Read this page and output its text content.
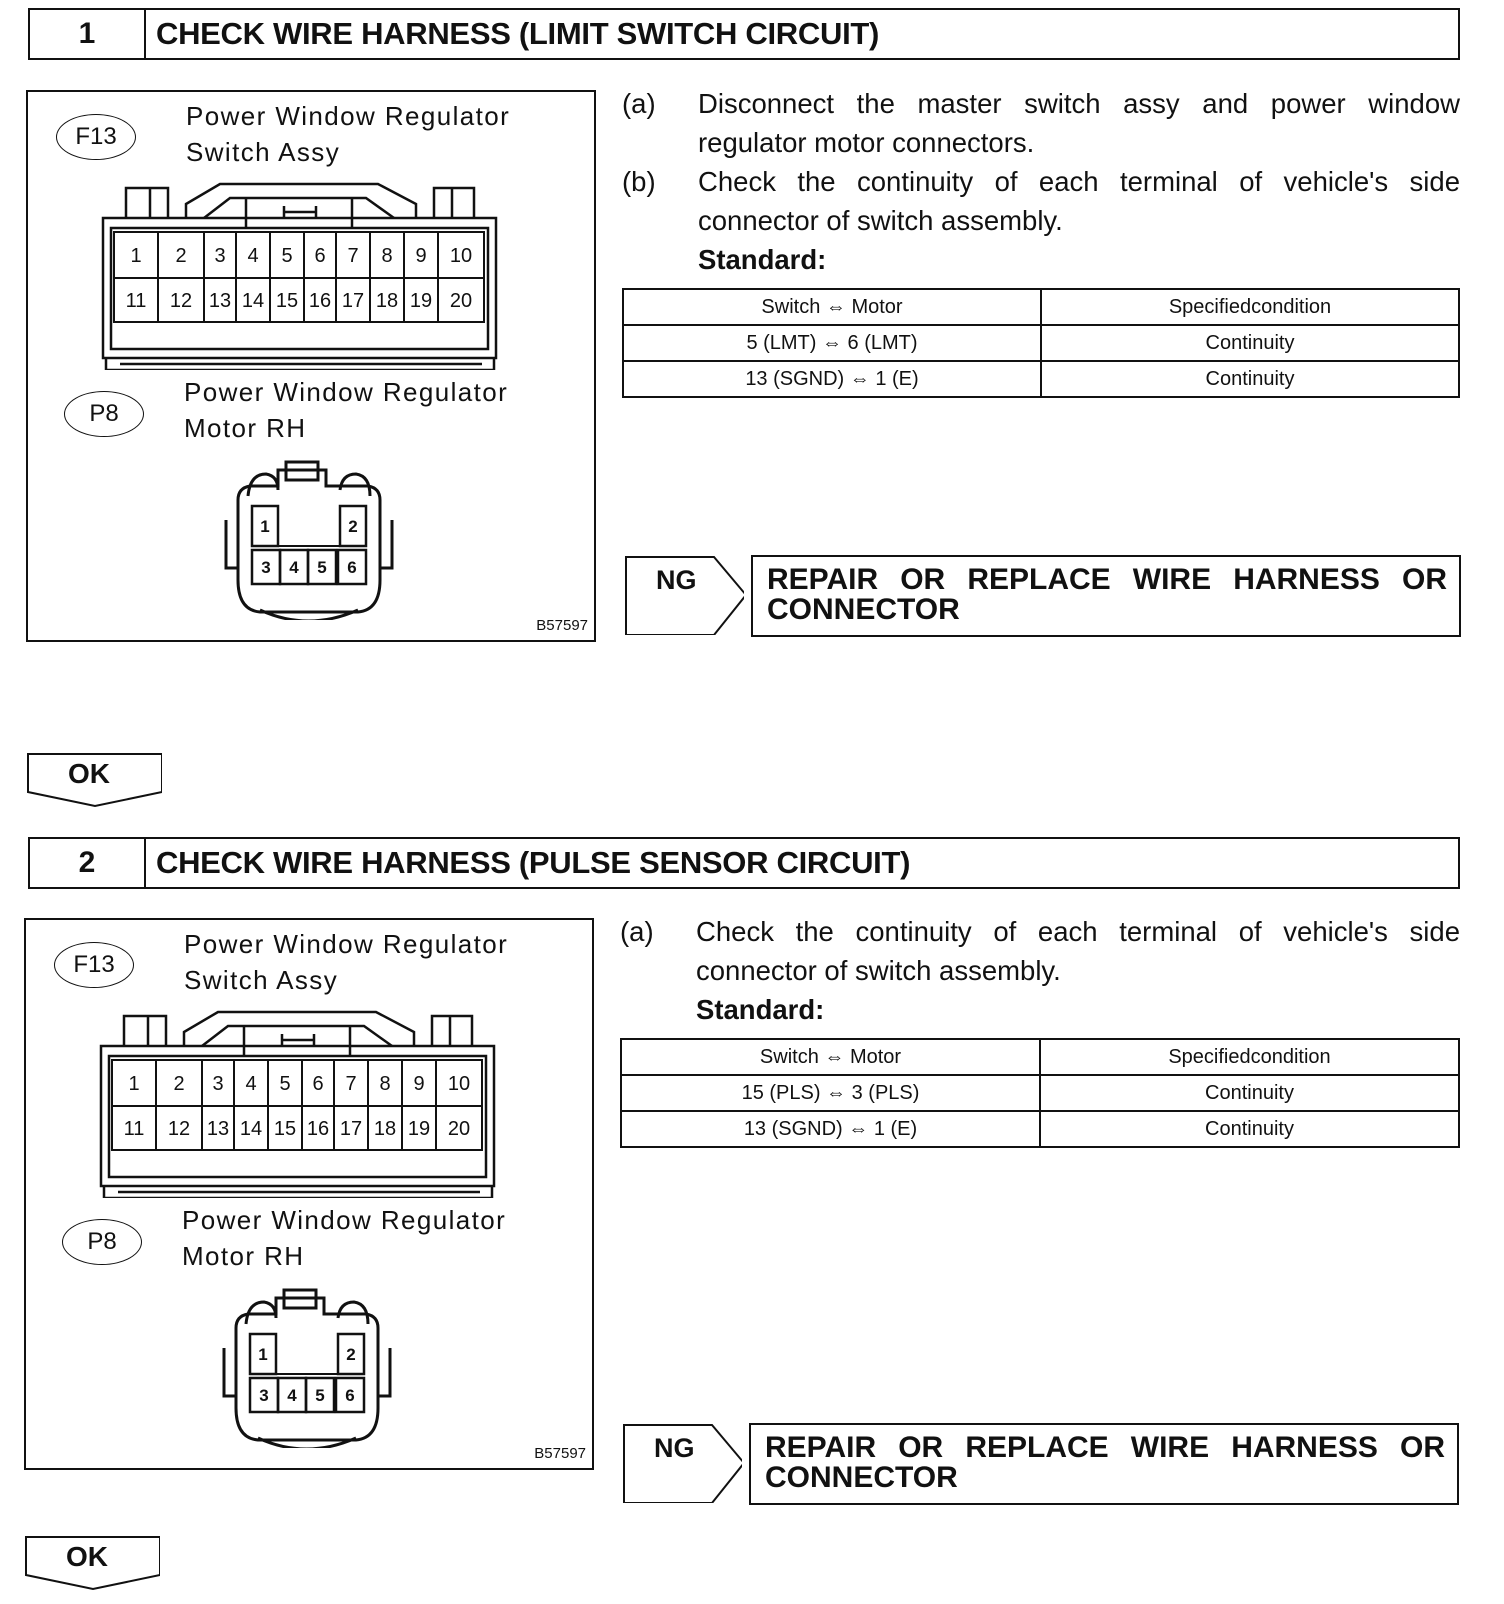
1	CHECK WIRE HARNESS (LIMIT SWITCH CIRCUIT)
F13
Power Window Regulator
Switch Assy
1 2 3 4 5 6 7 8 9 10
11 12 13 14 15 16 17 18 19 20
P8
Power Window Regulator
Motor RH
1	2
3 4 5 6
B57597
(a) Disconnect the master switch assy and power window
regulator motor connectors.
(b) Check the continuity of each terminal of vehicle's side
connector of switch assembly.
Standard:
Switch ⇔ Motor	Specifiedcondition
5 (LMT) ⇔ 6 (LMT)	Continuity
13 (SGND) ⇔ 1 (E)	Continuity
NG REPAIR OR REPLACE WIRE HARNESS OR
CONNECTOR
OK
2	CHECK WIRE HARNESS (PULSE SENSOR CIRCUIT)
F13
Power Window Regulator
Switch Assy
1 2 3 4 5 6 7 8 9 10
11 12 13 14 15 16 17 18 19 20
P8
Power Window Regulator
Motor RH
1	2
3 4 5 6
B57597
(a) Check the continuity of each terminal of vehicle's side
connector of switch assembly.
Standard:
Switch ⇔ Motor	Specifiedcondition
15 (PLS) ⇔ 3 (PLS)	Continuity
13 (SGND) ⇔ 1 (E)	Continuity
NG REPAIR OR REPLACE WIRE HARNESS OR
CONNECTOR
OK
